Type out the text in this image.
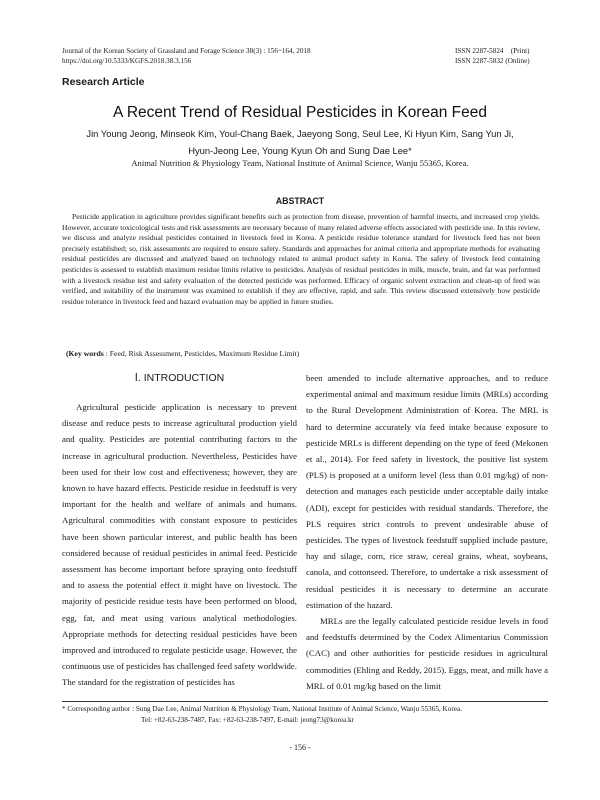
Journal of the Korean Society of Grassland and Forage Science 38(3) : 156~164, 2018
https://doi.org/10.5333/KGFS.2018.38.3.156
ISSN 2287-5824    (Print)
ISSN 2287-5832 (Online)
Research Article
A Recent Trend of Residual Pesticides in Korean Feed
Jin Young Jeong, Minseok Kim, Youl-Chang Baek, Jaeyong Song, Seul Lee, Ki Hyun Kim, Sang Yun Ji,
Hyun-Jeong Lee, Young Kyun Oh and Sung Dae Lee*
Animal Nutrition & Physiology Team, National Institute of Animal Science, Wanju 55365, Korea.
ABSTRACT

Pesticide application in agriculture provides significant benefits such as protection from disease, prevention of harmful insects, and increased crop yields. However, accurate toxicological tests and risk assessments are necessary because of many related adverse effects associated with pesticide use. In this review, we discuss and analyze residual pesticides contained in livestock feed in Korea. A pesticide residue tolerance standard for livestock feed has not been precisely established; so, risk assessments are required to ensure safety. Standards and approaches for animal criteria and appropriate methods for evaluating residual pesticides are discussed and analyzed based on technology related to animal product safety in Korea. The safety of livestock feed containing pesticides is assessed to establish maximum residue limits relative to pesticides. Analysis of residual pesticides in milk, muscle, brain, and fat was performed with a livestock residue test and safety evaluation of the detected pesticide was performed. Efficacy of organic solvent extraction and clean-up of feed was verified, and suitability of the instrument was examined to establish if they are effective, rapid, and safe. This review discussed extensively how pesticide residue tolerance in livestock feed and hazard evaluation may be applied in future studies.

(Key words : Feed, Risk Assessment, Pesticides, Maximum Residue Limit)
Ⅰ. INTRODUCTION

Agricultural pesticide application is necessary to prevent disease and reduce pests to increase agricultural production yield and quality. Pesticides are potential contributing factors to the increase in agricultural production. Nevertheless, Pesticides have been used for their low cost and effectiveness; however, they are known to have hazard effects. Pesticide residue in feedstuff is very important for the health and welfare of animals and humans. Agricultural commodities with constant exposure to pesticides have been shown particular interest, and public health has been considered because of residual pesticides in animal feed. Pesticide assessment has become important before spraying onto feedstuff and to assess the potential effect it might have on livestock. The majority of pesticide residue tests have been performed on blood, egg, fat, and meat using various analytical methodologies. Appropriate methods for detecting residual pesticides have been improved and introduced to regulate pesticide usage. However, the continuous use of pesticides has challenged feed safety worldwide. The standard for the registration of pesticides has

been amended to include alternative approaches, and to reduce experimental animal and maximum residue limits (MRLs) according to the Rural Development Administration of Korea. The MRL is hard to determine accurately via feed intake because exposure to pesticide MRLs is different depending on the type of feed (Mekonen et al., 2014). For feed safety in livestock, the positive list system (PLS) is proposed at a uniform level (less than 0.01 mg/kg) of non-detection and manages each pesticide under acceptable daily intake (ADI), except for pesticides with residual standards. Therefore, the PLS requires strict controls to prevent undesirable abuse of pesticides. The types of livestock feedstuff supplied include pasture, hay and silage, corn, rice straw, cereal grains, wheat, soybeans, canola, and cottonseed. Therefore, to undertake a risk assessment of residual pesticides it is necessary to determine an accurate estimation of the hazard.

MRLs are the legally calculated pesticide residue levels in food and feedstuffs determined by the Codex Alimentarius Commission (CAC) and other authorities for pesticide residues in agricultural commodities (Ehling and Reddy, 2015). Eggs, meat, and milk have a MRL of 0.01 mg/kg based on the limit

* Corresponding author : Sung Dae Lee, Animal Nutrition & Physiology Team, National Institute of Animal Science, Wanju 55365, Korea.
Tel: +82-63-238-7487, Fax: +82-63-238-7497, E-mail: jeong73@korea.kr
- 156 -
